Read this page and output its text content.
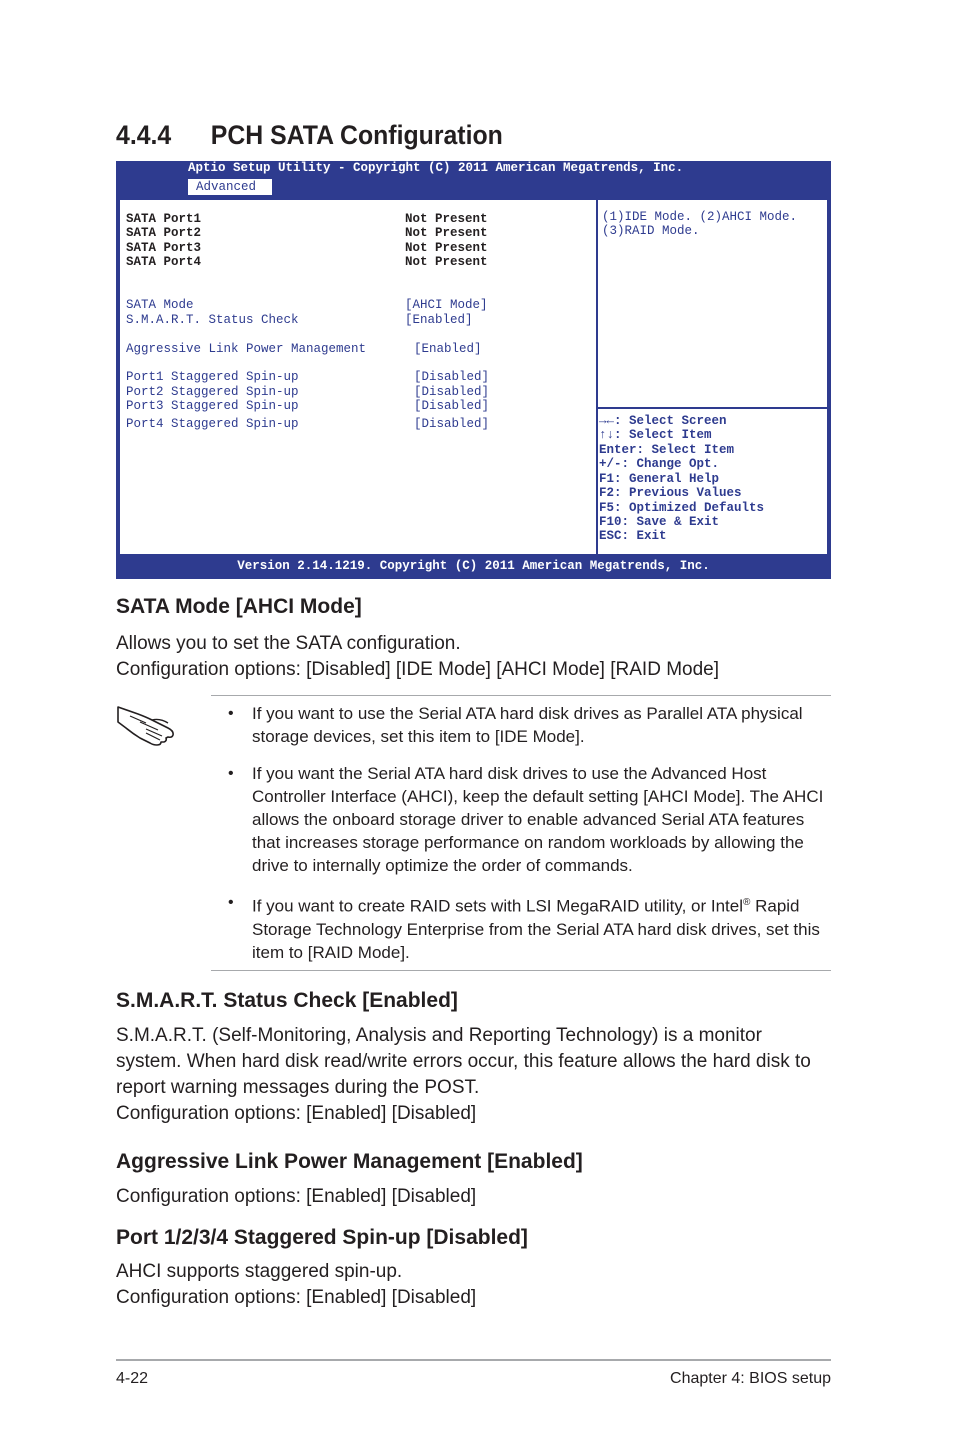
4.4.4 PCH SATA Configuration
Aptio Setup Utility - Copyright (C) 2011 American Megatrends, Inc.
Advanced
SATA Port1	Not Present
SATA Port2	Not Present
SATA Port3	Not Present
SATA Port4	Not Present
SATA Mode	[AHCI Mode]
S.M.A.R.T. Status Check	[Enabled]
Aggressive Link Power Management	[Enabled]
Port1 Staggered Spin-up	[Disabled]
Port2 Staggered Spin-up	[Disabled]
Port3 Staggered Spin-up	[Disabled]
Port4 Staggered Spin-up	[Disabled]
(1)IDE Mode. (2)AHCI Mode.
(3)RAID Mode.
→←: Select Screen
↑↓: Select Item
Enter: Select Item
+/-: Change Opt.
F1: General Help
F2: Previous Values
F5: Optimized Defaults
F10: Save & Exit
ESC: Exit
Version 2.14.1219. Copyright (C) 2011 American Megatrends, Inc.
SATA Mode [AHCI Mode]
Allows you to set the SATA configuration.
Configuration options: [Disabled] [IDE Mode] [AHCI Mode] [RAID Mode]
• If you want to use the Serial ATA hard disk drives as Parallel ATA physical storage devices, set this item to [IDE Mode].
• If you want the Serial ATA hard disk drives to use the Advanced Host Controller Interface (AHCI), keep the default setting [AHCI Mode]. The AHCI allows the onboard storage driver to enable advanced Serial ATA features that increases storage performance on random workloads by allowing the drive to internally optimize the order of commands.
• If you want to create RAID sets with LSI MegaRAID utility, or Intel® Rapid Storage Technology Enterprise from the Serial ATA hard disk drives, set this item to [RAID Mode].
S.M.A.R.T. Status Check [Enabled]
S.M.A.R.T. (Self-Monitoring, Analysis and Reporting Technology) is a monitor
system. When hard disk read/write errors occur, this feature allows the hard disk to
report warning messages during the POST.
Configuration options: [Enabled] [Disabled]
Aggressive Link Power Management [Enabled]
Configuration options: [Enabled] [Disabled]
Port 1/2/3/4 Staggered Spin-up [Disabled]
AHCI supports staggered spin-up.
Configuration options: [Enabled] [Disabled]
4-22	Chapter 4: BIOS setup
